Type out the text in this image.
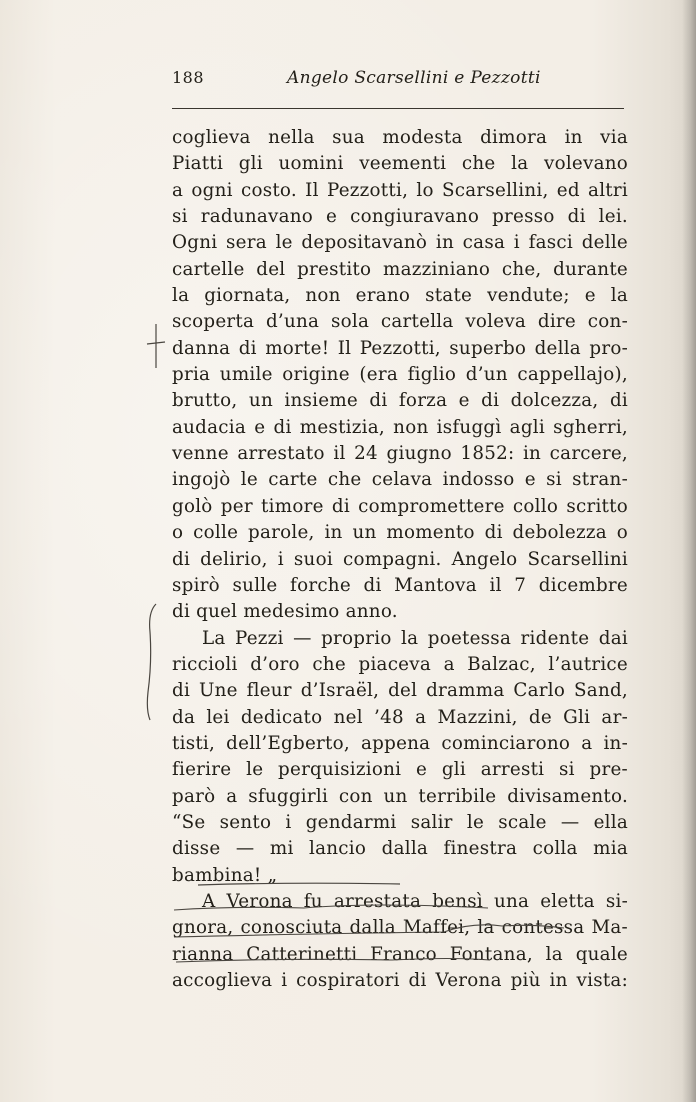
188	Angelo Scarsellini e Pezzotti
coglieva nella sua modesta dimora in via
Piatti gli uomini veementi che la volevano
a ogni costo. Il Pezzotti, lo Scarsellini, ed altri
si radunavano e congiuravano presso di lei.
Ogni sera le depositavanò in casa i fasci delle
cartelle del prestito mazziniano che, durante
la giornata, non erano state vendute; e la
scoperta d’una sola cartella voleva dire con-
danna di morte! Il Pezzotti, superbo della pro-
pria umile origine (era figlio d’un cappellajo),
brutto, un insieme di forza e di dolcezza, di
audacia e di mestizia, non isfuggì agli sgherri,
venne arrestato il 24 giugno 1852: in carcere,
ingojò le carte che celava indosso e si stran-
golò per timore di compromettere collo scritto
o colle parole, in un momento di debolezza o
di delirio, i suoi compagni. Angelo Scarsellini
spirò sulle forche di Mantova il 7 dicembre
di quel medesimo anno.
La Pezzi — proprio la poetessa ridente dai
riccioli d’oro che piaceva a Balzac, l’autrice
di Une fleur d’Israël, del dramma Carlo Sand,
da lei dedicato nel ’48 a Mazzini, de Gli ar-
tisti, dell’Egberto, appena cominciarono a in-
fierire le perquisizioni e gli arresti si pre-
parò a sfuggirli con un terribile divisamento.
“Se sento i gendarmi salir le scale — ella
disse — mi lancio dalla finestra colla mia
bambina! „
A Verona fu arrestata bensì una eletta si-
gnora, conosciuta dalla Maffei, la contessa Ma-
rianna Catterinetti Franco Fontana, la quale
accoglieva i cospiratori di Verona più in vista:
